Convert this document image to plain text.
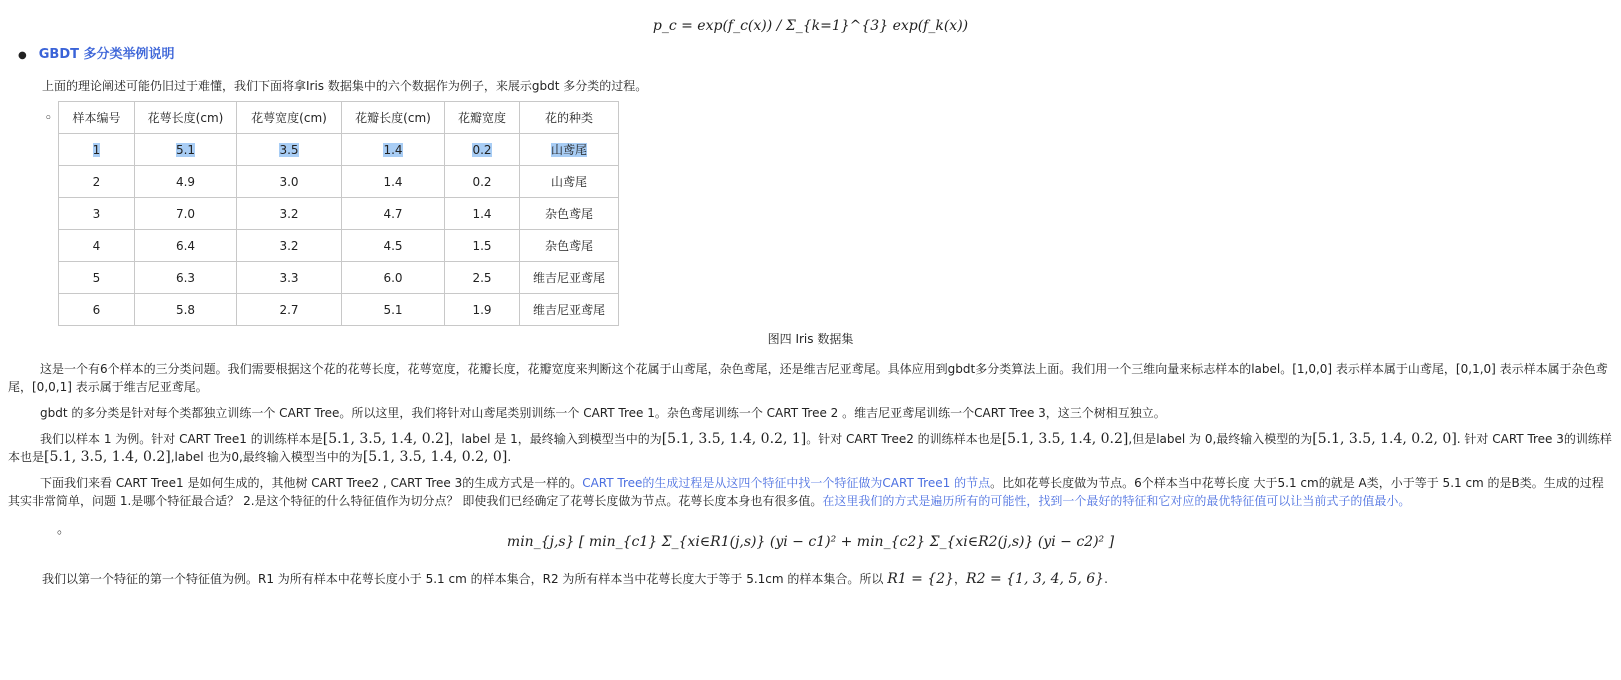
p_c = exp(f_c(x)) / Σ_{k=1}^{3} exp(f_k(x))
● GBDT 多分类举例说明
上面的理论阐述可能仍旧过于难懂，我们下面将拿Iris 数据集中的六个数据作为例子，来展示gbdt 多分类的过程。
◦	样本编号	花萼长度(cm)	花萼宽度(cm)	花瓣长度(cm)	花瓣宽度	花的种类
1	5.1	3.5	1.4	0.2	山鸢尾
2	4.9	3.0	1.4	0.2	山鸢尾
3	7.0	3.2	4.7	1.4	杂色鸢尾
4	6.4	3.2	4.5	1.5	杂色鸢尾
5	6.3	3.3	6.0	2.5	维吉尼亚鸢尾
6	5.8	2.7	5.1	1.9	维吉尼亚鸢尾
图四 Iris 数据集
这是一个有6个样本的三分类问题。我们需要根据这个花的花萼长度，花萼宽度，花瓣长度，花瓣宽度来判断这个花属于山鸢尾，杂色鸢尾，还是维吉尼亚鸢尾。具体应用到gbdt多分类算法上面。我们用一个三维向量来标志样本的label。[1,0,0] 表示样本属于山鸢尾，[0,1,0] 表示样本属于杂色鸢尾，[0,0,1] 表示属于维吉尼亚鸢尾。
gbdt 的多分类是针对每个类都独立训练一个 CART Tree。所以这里，我们将针对山鸢尾类别训练一个 CART Tree 1。杂色鸢尾训练一个 CART Tree 2 。维吉尼亚鸢尾训练一个CART Tree 3，这三个树相互独立。
我们以样本 1 为例。针对 CART Tree1 的训练样本是[5.1, 3.5, 1.4, 0.2]，label 是 1，最终输入到模型当中的为[5.1, 3.5, 1.4, 0.2, 1]。针对 CART Tree2 的训练样本也是[5.1, 3.5, 1.4, 0.2],但是label 为 0,最终输入模型的为[5.1, 3.5, 1.4, 0.2, 0]. 针对 CART Tree 3的训练样本也是[5.1, 3.5, 1.4, 0.2],label 也为0,最终输入模型当中的为[5.1, 3.5, 1.4, 0.2, 0].
下面我们来看 CART Tree1 是如何生成的，其他树 CART Tree2 , CART Tree 3的生成方式是一样的。CART Tree的生成过程是从这四个特征中找一个特征做为CART Tree1 的节点。比如花萼长度做为节点。6个样本当中花萼长度 大于5.1 cm的就是 A类，小于等于 5.1 cm 的是B类。生成的过程其实非常简单，问题 1.是哪个特征最合适？ 2.是这个特征的什么特征值作为切分点？ 即使我们已经确定了花萼长度做为节点。花萼长度本身也有很多值。在这里我们的方式是遍历所有的可能性，找到一个最好的特征和它对应的最优特征值可以让当前式子的值最小。
。
min_{j,s} [ min_{c1} Σ_{xi∈R1(j,s)} (yi − c1)² + min_{c2} Σ_{xi∈R2(j,s)} (yi − c2)² ]
我们以第一个特征的第一个特征值为例。R1 为所有样本中花萼长度小于 5.1 cm 的样本集合，R2 为所有样本当中花萼长度大于等于 5.1cm 的样本集合。所以 R1 = {2}，R2 = {1, 3, 4, 5, 6}.
